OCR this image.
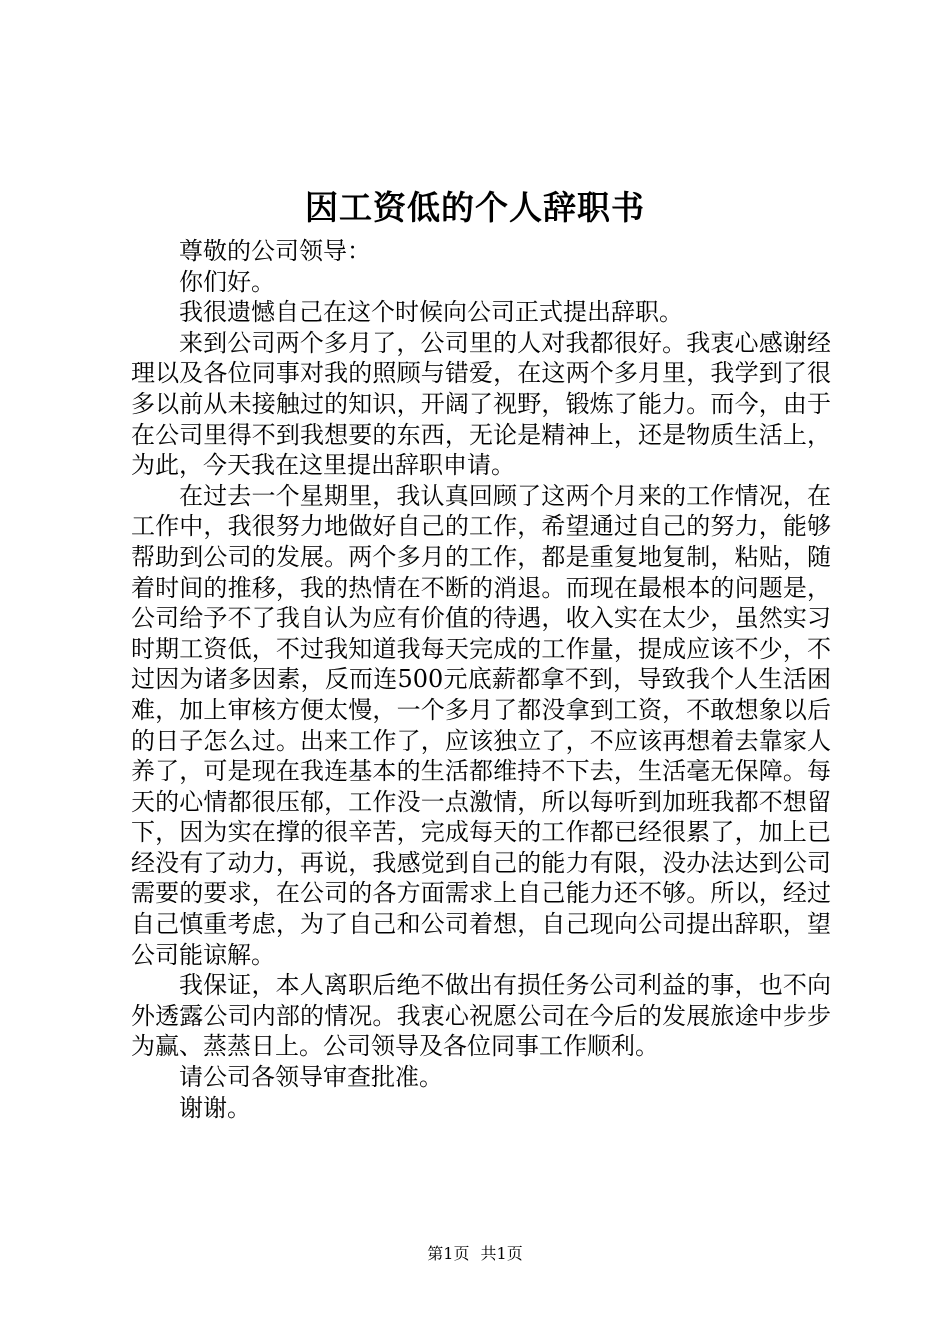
因工资低的个人辞职书

尊敬的公司领导：

你们好。

我很遗憾自己在这个时候向公司正式提出辞职。

来到公司两个多月了，公司里的人对我都很好。我衷心感谢经理以及各位同事对我的照顾与错爱，在这两个多月里，我学到了很多以前从未接触过的知识，开阔了视野，锻炼了能力。而今，由于在公司里得不到我想要的东西，无论是精神上，还是物质生活上，为此，今天我在这里提出辞职申请。

在过去一个星期里，我认真回顾了这两个月来的工作情况，在工作中，我很努力地做好自己的工作，希望通过自己的努力，能够帮助到公司的发展。两个多月的工作，都是重复地复制，粘贴，随着时间的推移，我的热情在不断的消退。而现在最根本的问题是，公司给予不了我自认为应有价值的待遇，收入实在太少，虽然实习时期工资低，不过我知道我每天完成的工作量，提成应该不少，不过因为诸多因素，反而连500元底薪都拿不到，导致我个人生活困难，加上审核方便太慢，一个多月了都没拿到工资，不敢想象以后的日子怎么过。出来工作了，应该独立了，不应该再想着去靠家人养了，可是现在我连基本的生活都维持不下去，生活毫无保障。每天的心情都很压郁，工作没一点激情，所以每听到加班我都不想留下，因为实在撑的很辛苦，完成每天的工作都已经很累了，加上已经没有了动力，再说，我感觉到自己的能力有限，没办法达到公司需要的要求，在公司的各方面需求上自己能力还不够。所以，经过自己慎重考虑，为了自己和公司着想，自己现向公司提出辞职，望公司能谅解。

我保证，本人离职后绝不做出有损任务公司利益的事，也不向外透露公司内部的情况。我衷心祝愿公司在今后的发展旅途中步步为赢、蒸蒸日上。公司领导及各位同事工作顺利。

请公司各领导审查批准。

谢谢。

第1页 共1页
